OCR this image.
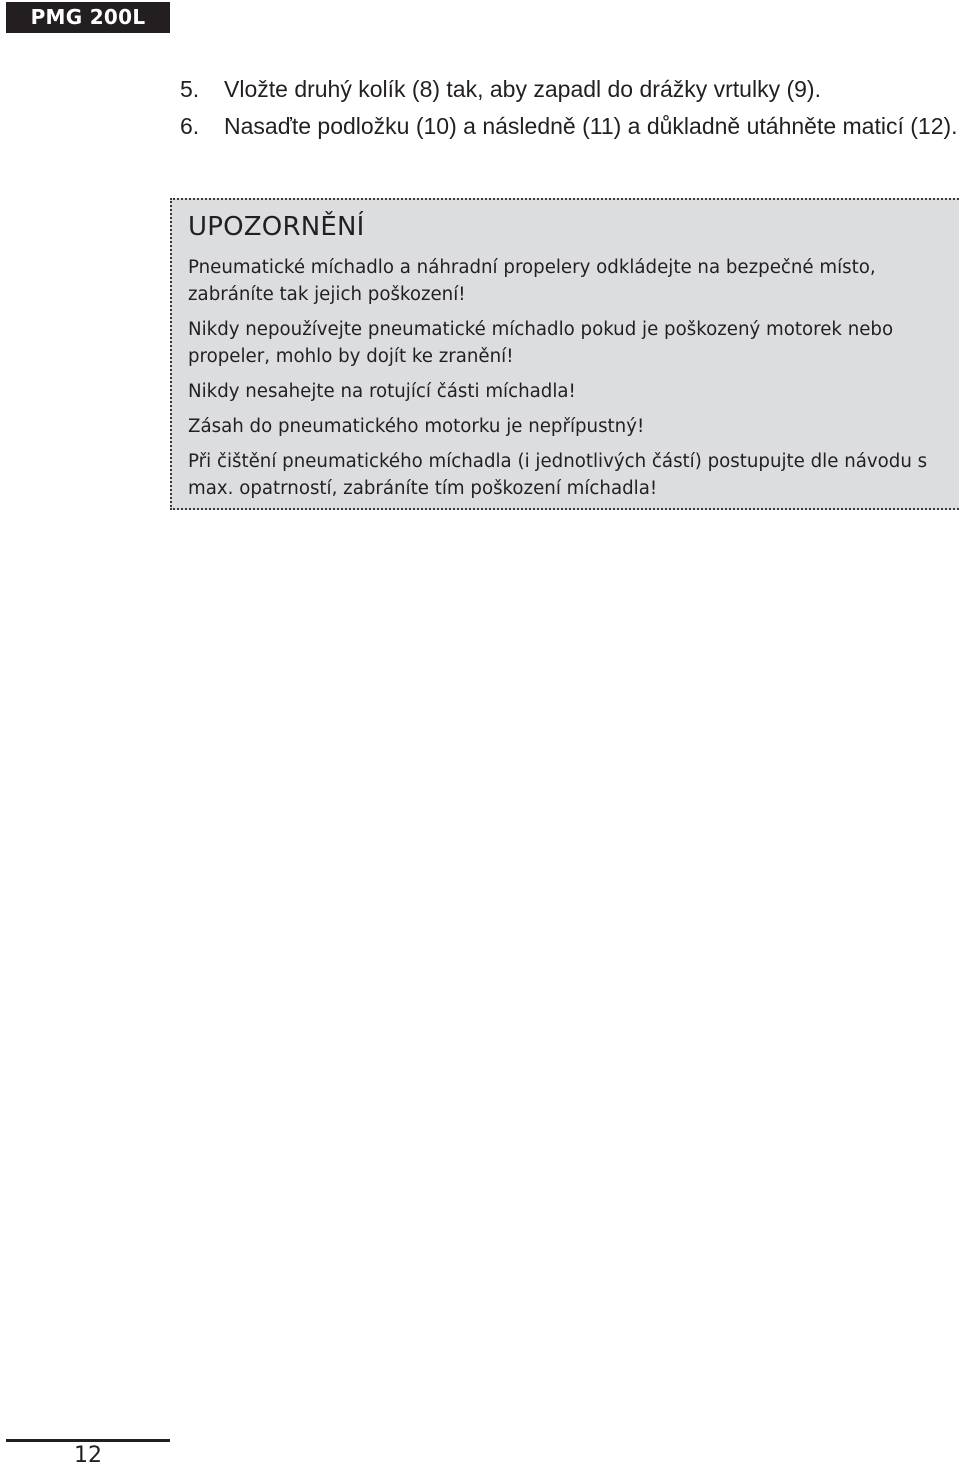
PMG 200L
5.	Vložte druhý kolík (8) tak, aby zapadl do drážky vrtulky (9).
6.	Nasaďte podložku (10) a následně (11) a důkladně utáhněte maticí (12).
UPOZORNĚNÍ

Pneumatické míchadlo a náhradní propelery odkládejte na bezpečné místo, zabráníte tak jejich poškození!

Nikdy nepoužívejte pneumatické míchadlo pokud je poškozený motorek nebo propeler, mohlo by dojít ke zranění!

Nikdy nesahejte na rotující části míchadla!

Zásah do pneumatického motorku je nepřípustný!

Při čištění pneumatického míchadla (i jednotlivých částí) postupujte dle návodu s max. opatrností, zabráníte tím poškození míchadla!

12
